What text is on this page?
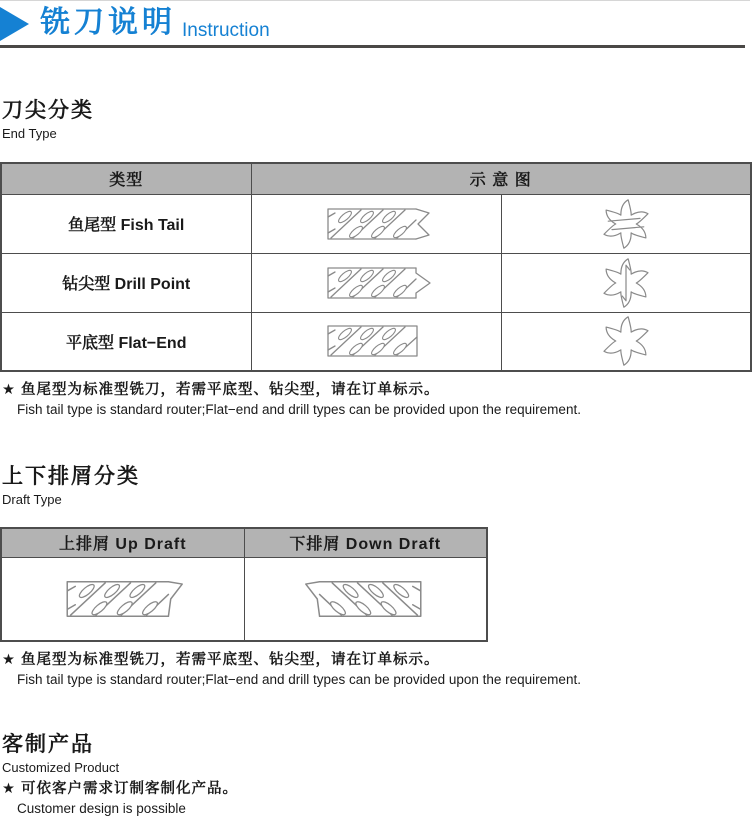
铣刀说明 Instruction
刀尖分类
End Type
类型	示 意 图	
鱼尾型 Fish Tail	

钻尖型 Drill Point	

平底型 Flat−End	

★ 鱼尾型为标准型铣刀，若需平底型、钻尖型，请在订单标示。
Fish tail type is standard router;Flat−end and drill types can be provided upon the requirement.
上下排屑分类
Draft Type
上排屑 Up Draft	下排屑 Down Draft

★ 鱼尾型为标准型铣刀，若需平底型、钻尖型，请在订单标示。
Fish tail type is standard router;Flat−end and drill types can be provided upon the requirement.
客制产品
Customized Product
★ 可依客户需求订制客制化产品。
Customer design is possible
